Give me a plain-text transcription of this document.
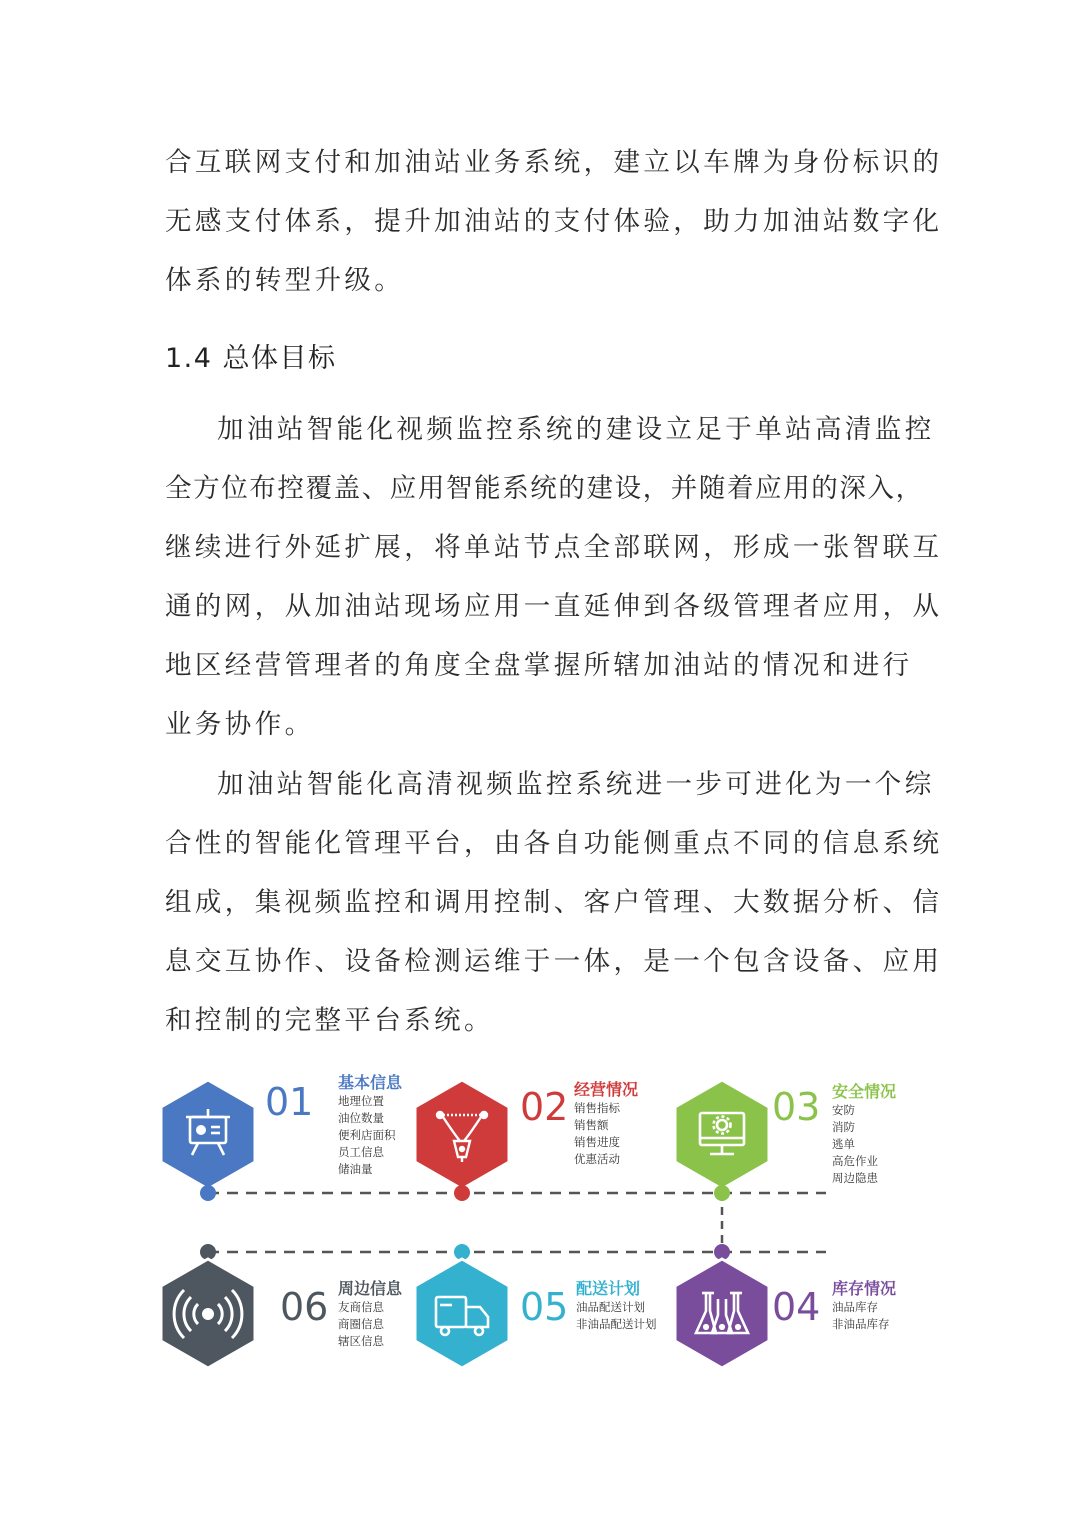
合互联网支付和加油站业务系统，建立以车牌为身份标识的
无感支付体系，提升加油站的支付体验，助力加油站数字化
体系的转型升级。
1.4 总体目标
加油站智能化视频监控系统的建设立足于单站高清监控
全方位布控覆盖、应用智能系统的建设，并随着应用的深入，
继续进行外延扩展，将单站节点全部联网，形成一张智联互
通的网，从加油站现场应用一直延伸到各级管理者应用，从
地区经营管理者的角度全盘掌握所辖加油站的情况和进行
业务协作。
加油站智能化高清视频监控系统进一步可进化为一个综
合性的智能化管理平台，由各自功能侧重点不同的信息系统
组成，集视频监控和调用控制、客户管理、大数据分析、信
息交互协作、设备检测运维于一体，是一个包含设备、应用
和控制的完整平台系统。
01 基本信息
地理位置
油位数量
便利店面积
员工信息
储油量
02 经营情况
销售指标
销售额
销售进度
优惠活动
03 安全情况
安防
消防
逃单
高危作业
周边隐患
06 周边信息
友商信息
商圈信息
辖区信息
05 配送计划
油品配送计划
非油品配送计划	04 库存情况
油品库存
非油品库存
